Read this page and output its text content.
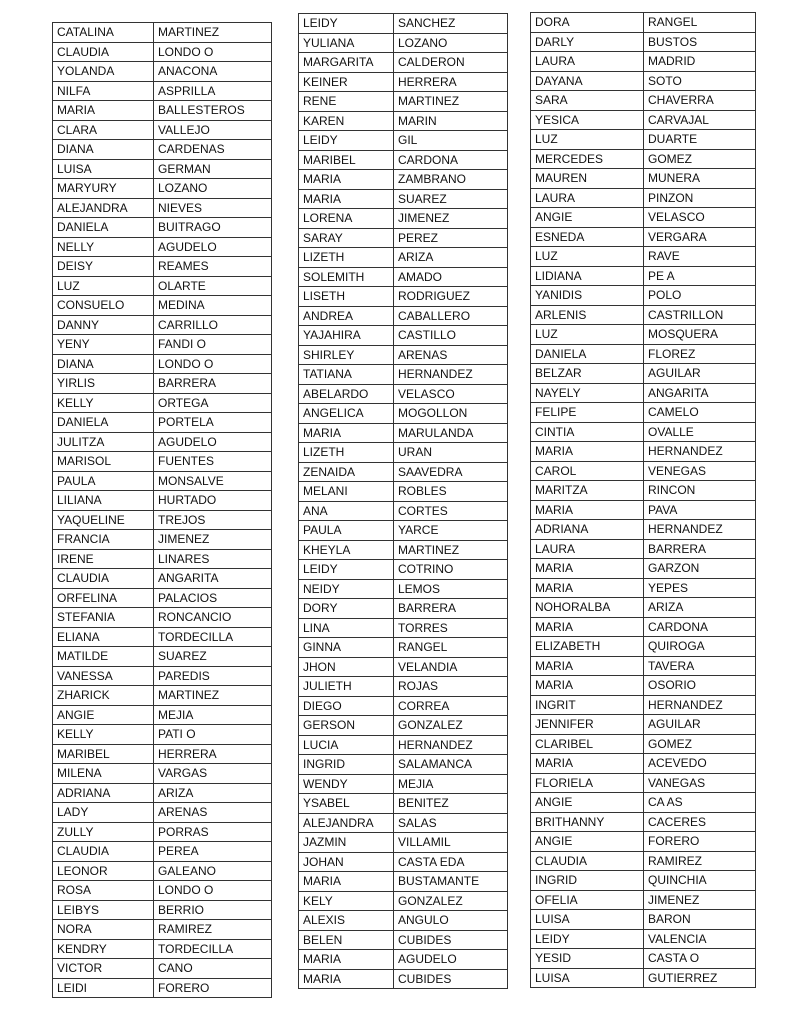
CATALINA	MARTINEZ
CLAUDIA	LONDO O
YOLANDA	ANACONA
NILFA	ASPRILLA
MARIA	BALLESTEROS
CLARA	VALLEJO
DIANA	CARDENAS
LUISA	GERMAN
MARYURY	LOZANO
ALEJANDRA	NIEVES
DANIELA	BUITRAGO
NELLY	AGUDELO
DEISY	REAMES
LUZ	OLARTE
CONSUELO	MEDINA
DANNY	CARRILLO
YENY	FANDI O
DIANA	LONDO O
YIRLIS	BARRERA
KELLY	ORTEGA
DANIELA	PORTELA
JULITZA	AGUDELO
MARISOL	FUENTES
PAULA	MONSALVE
LILIANA	HURTADO
YAQUELINE	TREJOS
FRANCIA	JIMENEZ
IRENE	LINARES
CLAUDIA	ANGARITA
ORFELINA	PALACIOS
STEFANIA	RONCANCIO
ELIANA	TORDECILLA
MATILDE	SUAREZ
VANESSA	PAREDIS
ZHARICK	MARTINEZ
ANGIE	MEJIA
KELLY	PATI O
MARIBEL	HERRERA
MILENA	VARGAS
ADRIANA	ARIZA
LADY	ARENAS
ZULLY	PORRAS
CLAUDIA	PEREA
LEONOR	GALEANO
ROSA	LONDO O
LEIBYS	BERRIO
NORA	RAMIREZ
KENDRY	TORDECILLA
VICTOR	CANO
LEIDI	FORERO
LEIDY	SANCHEZ
YULIANA	LOZANO
MARGARITA	CALDERON
KEINER	HERRERA
RENE	MARTINEZ
KAREN	MARIN
LEIDY	GIL
MARIBEL	CARDONA
MARIA	ZAMBRANO
MARIA	SUAREZ
LORENA	JIMENEZ
SARAY	PEREZ
LIZETH	ARIZA
SOLEMITH	AMADO
LISETH	RODRIGUEZ
ANDREA	CABALLERO
YAJAHIRA	CASTILLO
SHIRLEY	ARENAS
TATIANA	HERNANDEZ
ABELARDO	VELASCO
ANGELICA	MOGOLLON
MARIA	MARULANDA
LIZETH	URAN
ZENAIDA	SAAVEDRA
MELANI	ROBLES
ANA	CORTES
PAULA	YARCE
KHEYLA	MARTINEZ
LEIDY	COTRINO
NEIDY	LEMOS
DORY	BARRERA
LINA	TORRES
GINNA	RANGEL
JHON	VELANDIA
JULIETH	ROJAS
DIEGO	CORREA
GERSON	GONZALEZ
LUCIA	HERNANDEZ
INGRID	SALAMANCA
WENDY	MEJIA
YSABEL	BENITEZ
ALEJANDRA	SALAS
JAZMIN	VILLAMIL
JOHAN	CASTA EDA
MARIA	BUSTAMANTE
KELY	GONZALEZ
ALEXIS	ANGULO
BELEN	CUBIDES
MARIA	AGUDELO
MARIA	CUBIDES
DORA	RANGEL
DARLY	BUSTOS
LAURA	MADRID
DAYANA	SOTO
SARA	CHAVERRA
YESICA	CARVAJAL
LUZ	DUARTE
MERCEDES	GOMEZ
MAUREN	MUNERA
LAURA	PINZON
ANGIE	VELASCO
ESNEDA	VERGARA
LUZ	RAVE
LIDIANA	PE A
YANIDIS	POLO
ARLENIS	CASTRILLON
LUZ	MOSQUERA
DANIELA	FLOREZ
BELZAR	AGUILAR
NAYELY	ANGARITA
FELIPE	CAMELO
CINTIA	OVALLE
MARIA	HERNANDEZ
CAROL	VENEGAS
MARITZA	RINCON
MARIA	PAVA
ADRIANA	HERNANDEZ
LAURA	BARRERA
MARIA	GARZON
MARIA	YEPES
NOHORALBA	ARIZA
MARIA	CARDONA
ELIZABETH	QUIROGA
MARIA	TAVERA
MARIA	OSORIO
INGRIT	HERNANDEZ
JENNIFER	AGUILAR
CLARIBEL	GOMEZ
MARIA	ACEVEDO
FLORIELA	VANEGAS
ANGIE	CA AS
BRITHANNY	CACERES
ANGIE	FORERO
CLAUDIA	RAMIREZ
INGRID	QUINCHIA
OFELIA	JIMENEZ
LUISA	BARON
LEIDY	VALENCIA
YESID	CASTA O
LUISA	GUTIERREZ
